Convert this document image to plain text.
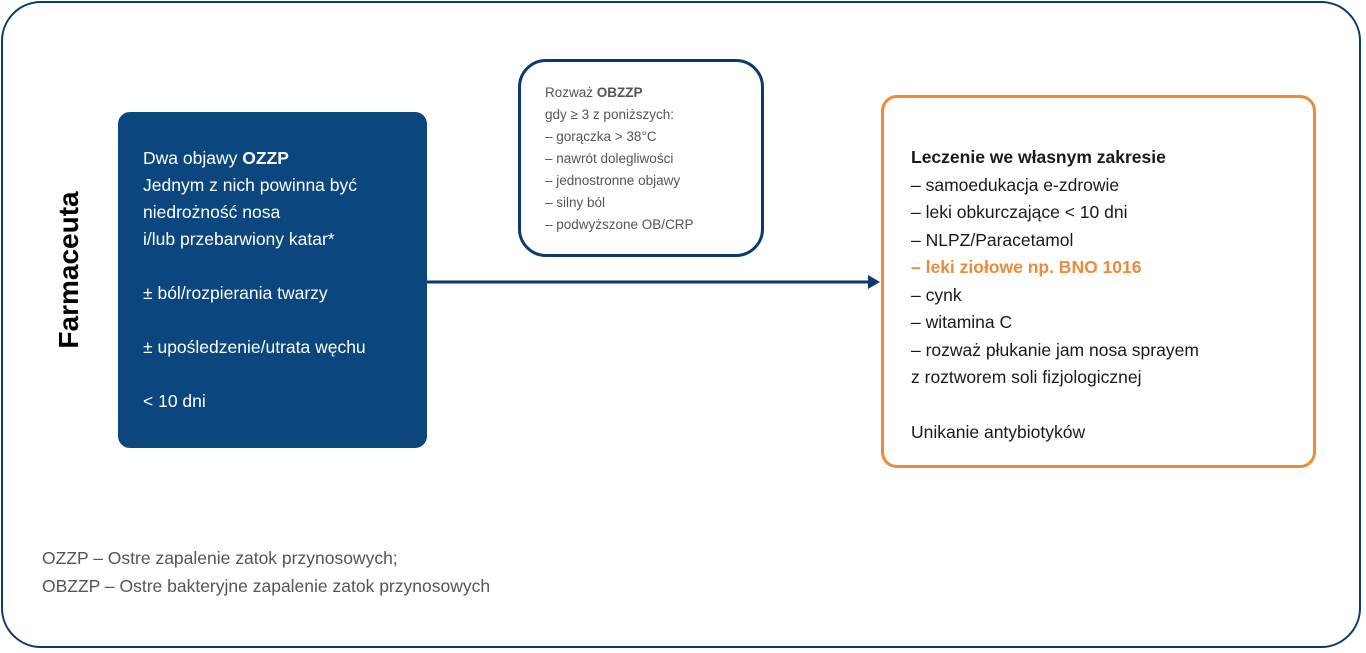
Farmaceuta
Dwa objawy OZZP
Jednym z nich powinna być
niedrożność nosa
i/lub przebarwiony katar*
± ból/rozpierania twarzy
± upośledzenie/utrata węchu
< 10 dni
Rozważ OBZZP
gdy ≥ 3 z poniższych:
– gorączka > 38°C
– nawrót dolegliwości
– jednostronne objawy
– silny ból
– podwyższone OB/CRP
Leczenie we własnym zakresie
– samoedukacja e-zdrowie
– leki obkurczające < 10 dni
– NLPZ/Paracetamol
– leki ziołowe np. BNO 1016
– cynk
– witamina C
– rozważ płukanie jam nosa sprayem
z roztworem soli fizjologicznej
Unikanie antybiotyków
OZZP – Ostre zapalenie zatok przynosowych;
OBZZP – Ostre bakteryjne zapalenie zatok przynosowych
